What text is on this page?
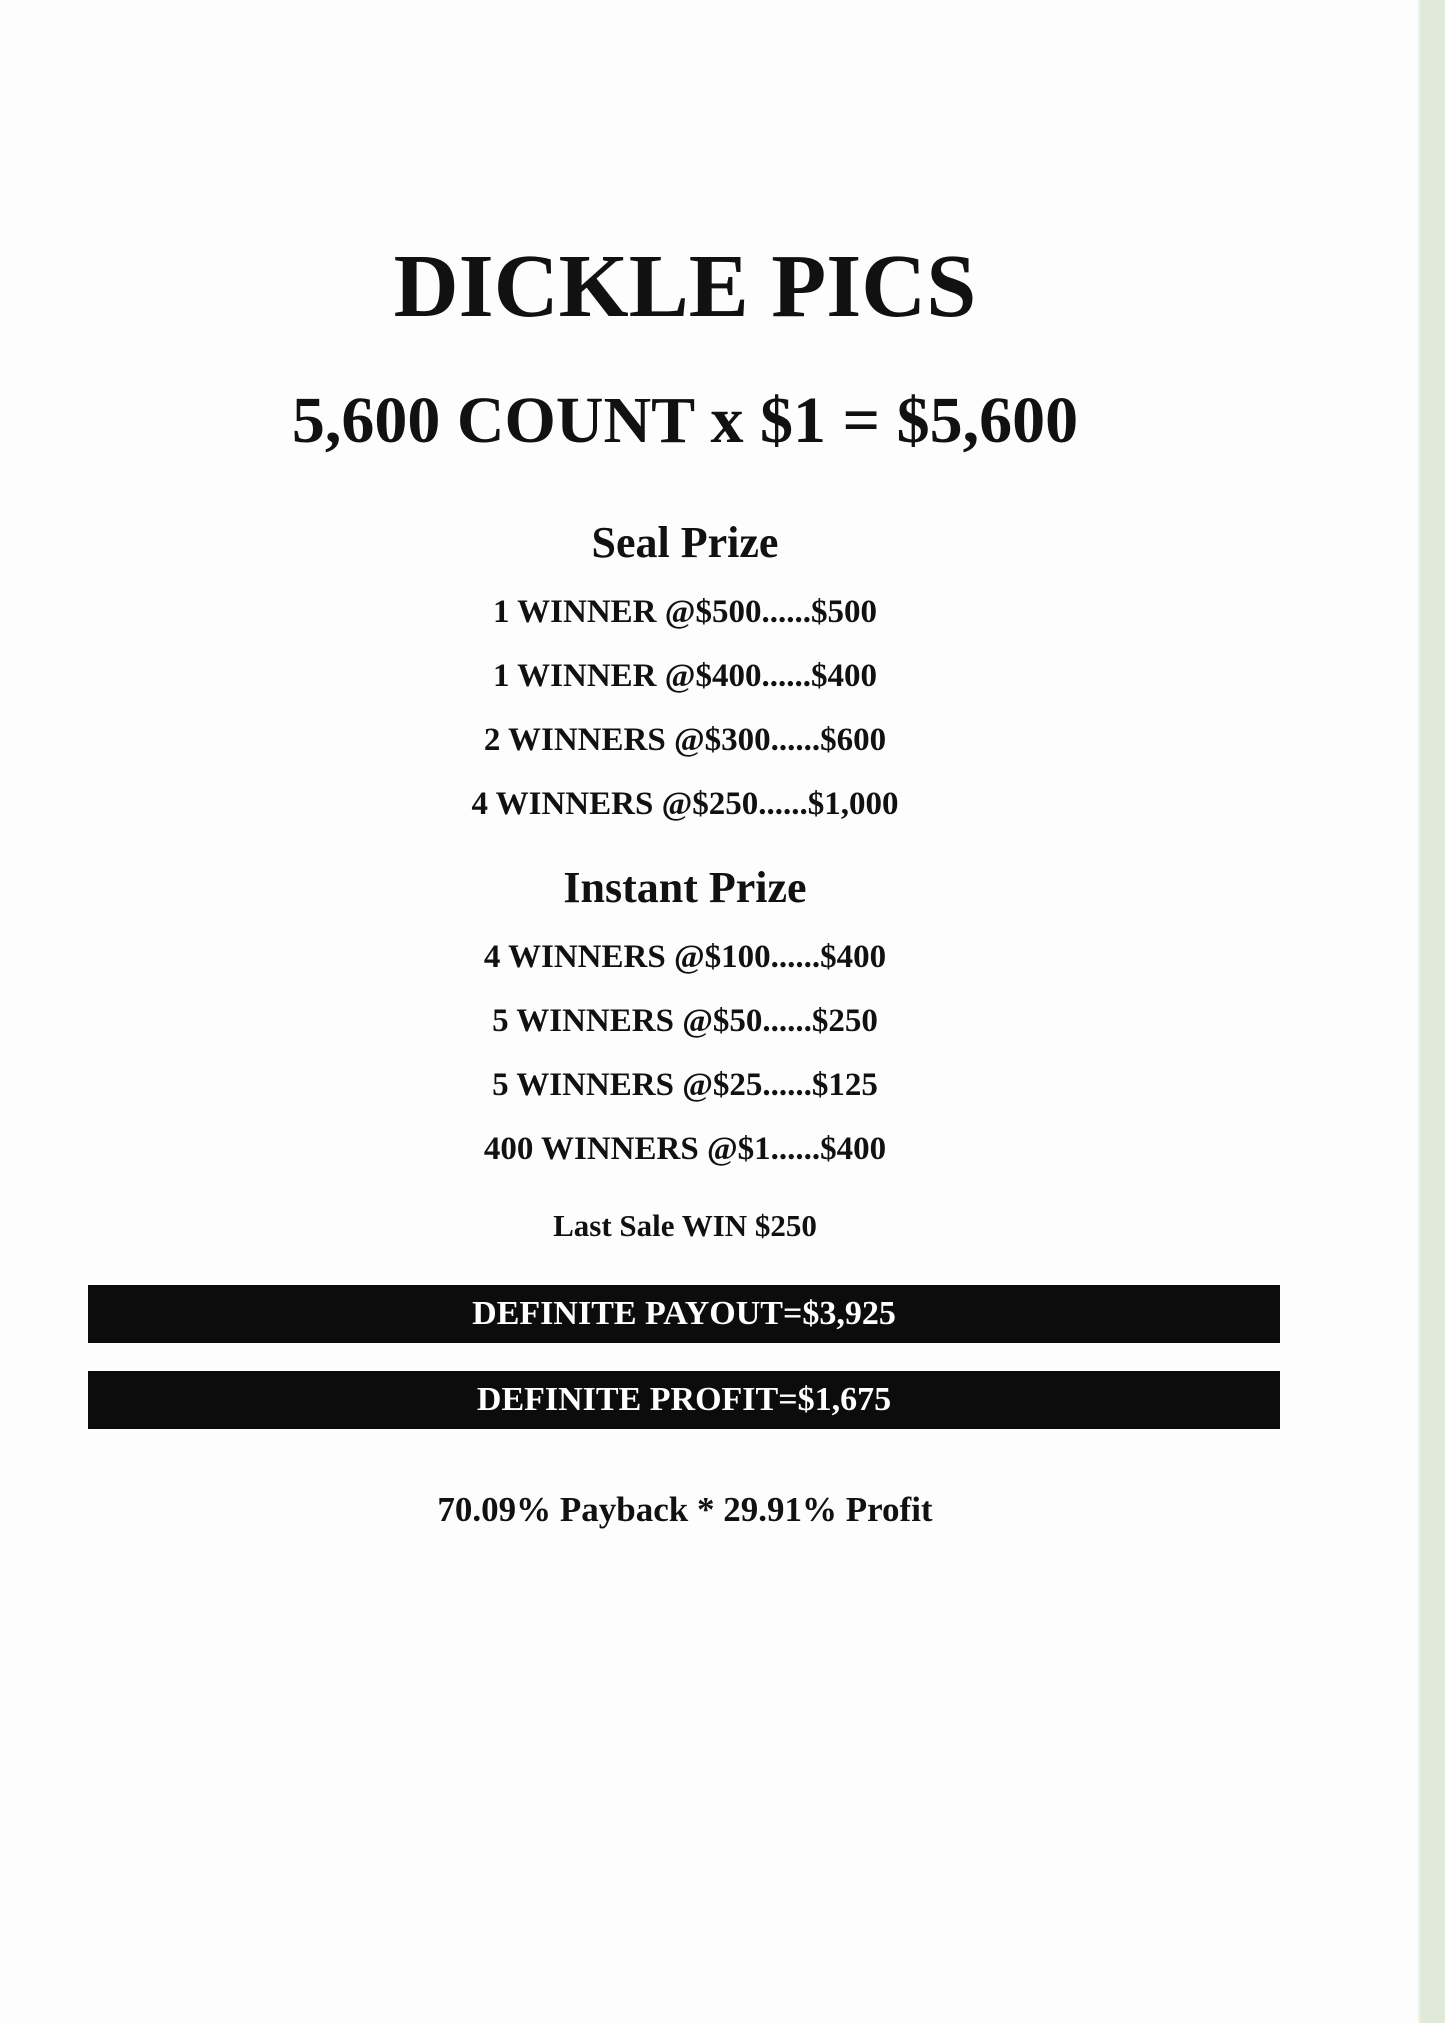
DICKLE PICS
5,600 COUNT x $1 = $5,600
Seal Prize
1 WINNER @$500......$500
1 WINNER @$400......$400
2 WINNERS @$300......$600
4 WINNERS @$250......$1,000
Instant Prize
4 WINNERS @$100......$400
5 WINNERS @$50......$250
5 WINNERS @$25......$125
400 WINNERS @$1......$400

Last Sale WIN $250

DEFINITE PAYOUT=$3,925
DEFINITE PROFIT=$1,675

70.09% Payback * 29.91% Profit
